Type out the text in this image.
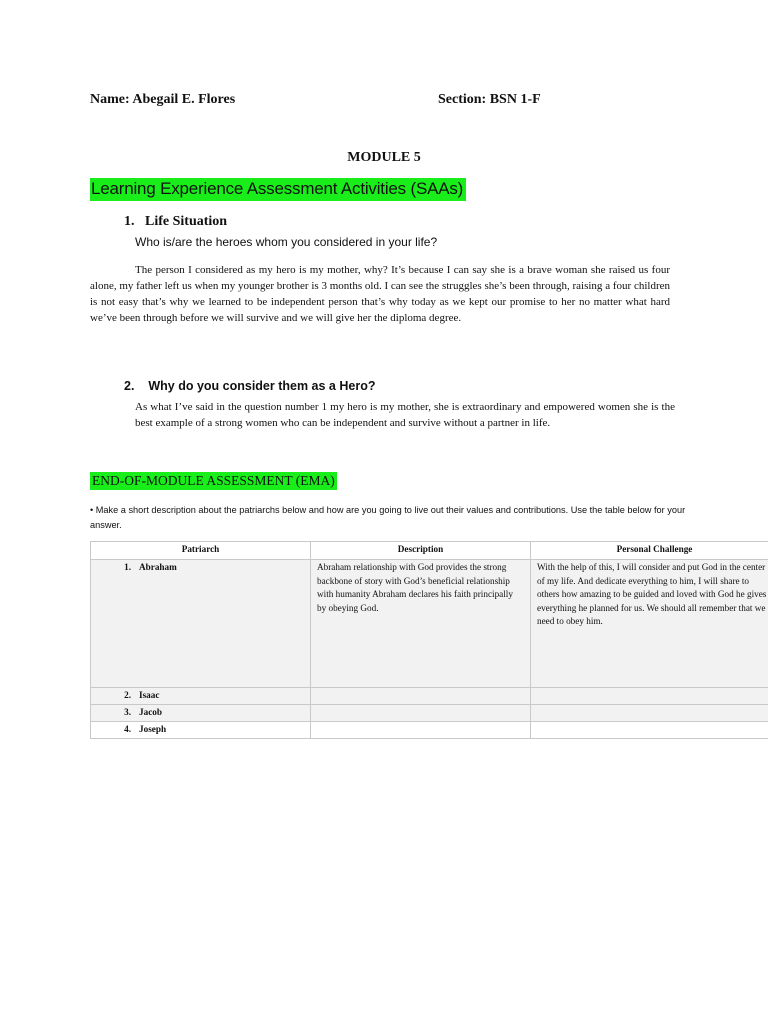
Name: Abegail E. Flores	Section: BSN 1-F
MODULE 5
Learning Experience Assessment Activities (SAAs)
1. Life Situation
Who is/are the heroes whom you considered in your life?
The person I considered as my hero is my mother, why? It’s because I can say she is a brave woman she raised us four alone, my father left us when my younger brother is 3 months old. I can see the struggles she’s been through, raising a four children is not easy that’s why we learned to be independent person that’s why today as we kept our promise to her no matter what hard we’ve been through before we will survive and we will give her the diploma degree.
2. Why do you consider them as a Hero?
As what I’ve said in the question number 1 my hero is my mother, she is extraordinary and empowered women she is the best example of a strong women who can be independent and survive without a partner in life.
END-OF-MODULE ASSESSMENT (EMA)
• Make a short description about the patriarchs below and how are you going to live out their values and contributions. Use the table below for your answer.
Patriarch	Description	Personal Challenge
1. Abraham	Abraham relationship with God provides the strong backbone of story with God’s beneficial relationship with humanity Abraham declares his faith principally by obeying God.	With the help of this, I will consider and put God in the center of my life. And dedicate everything to him, I will share to others how amazing to be guided and loved with God he gives everything he planned for us. We should all remember that we need to obey him.
2. Isaac		
3. Jacob		
4. Joseph		
